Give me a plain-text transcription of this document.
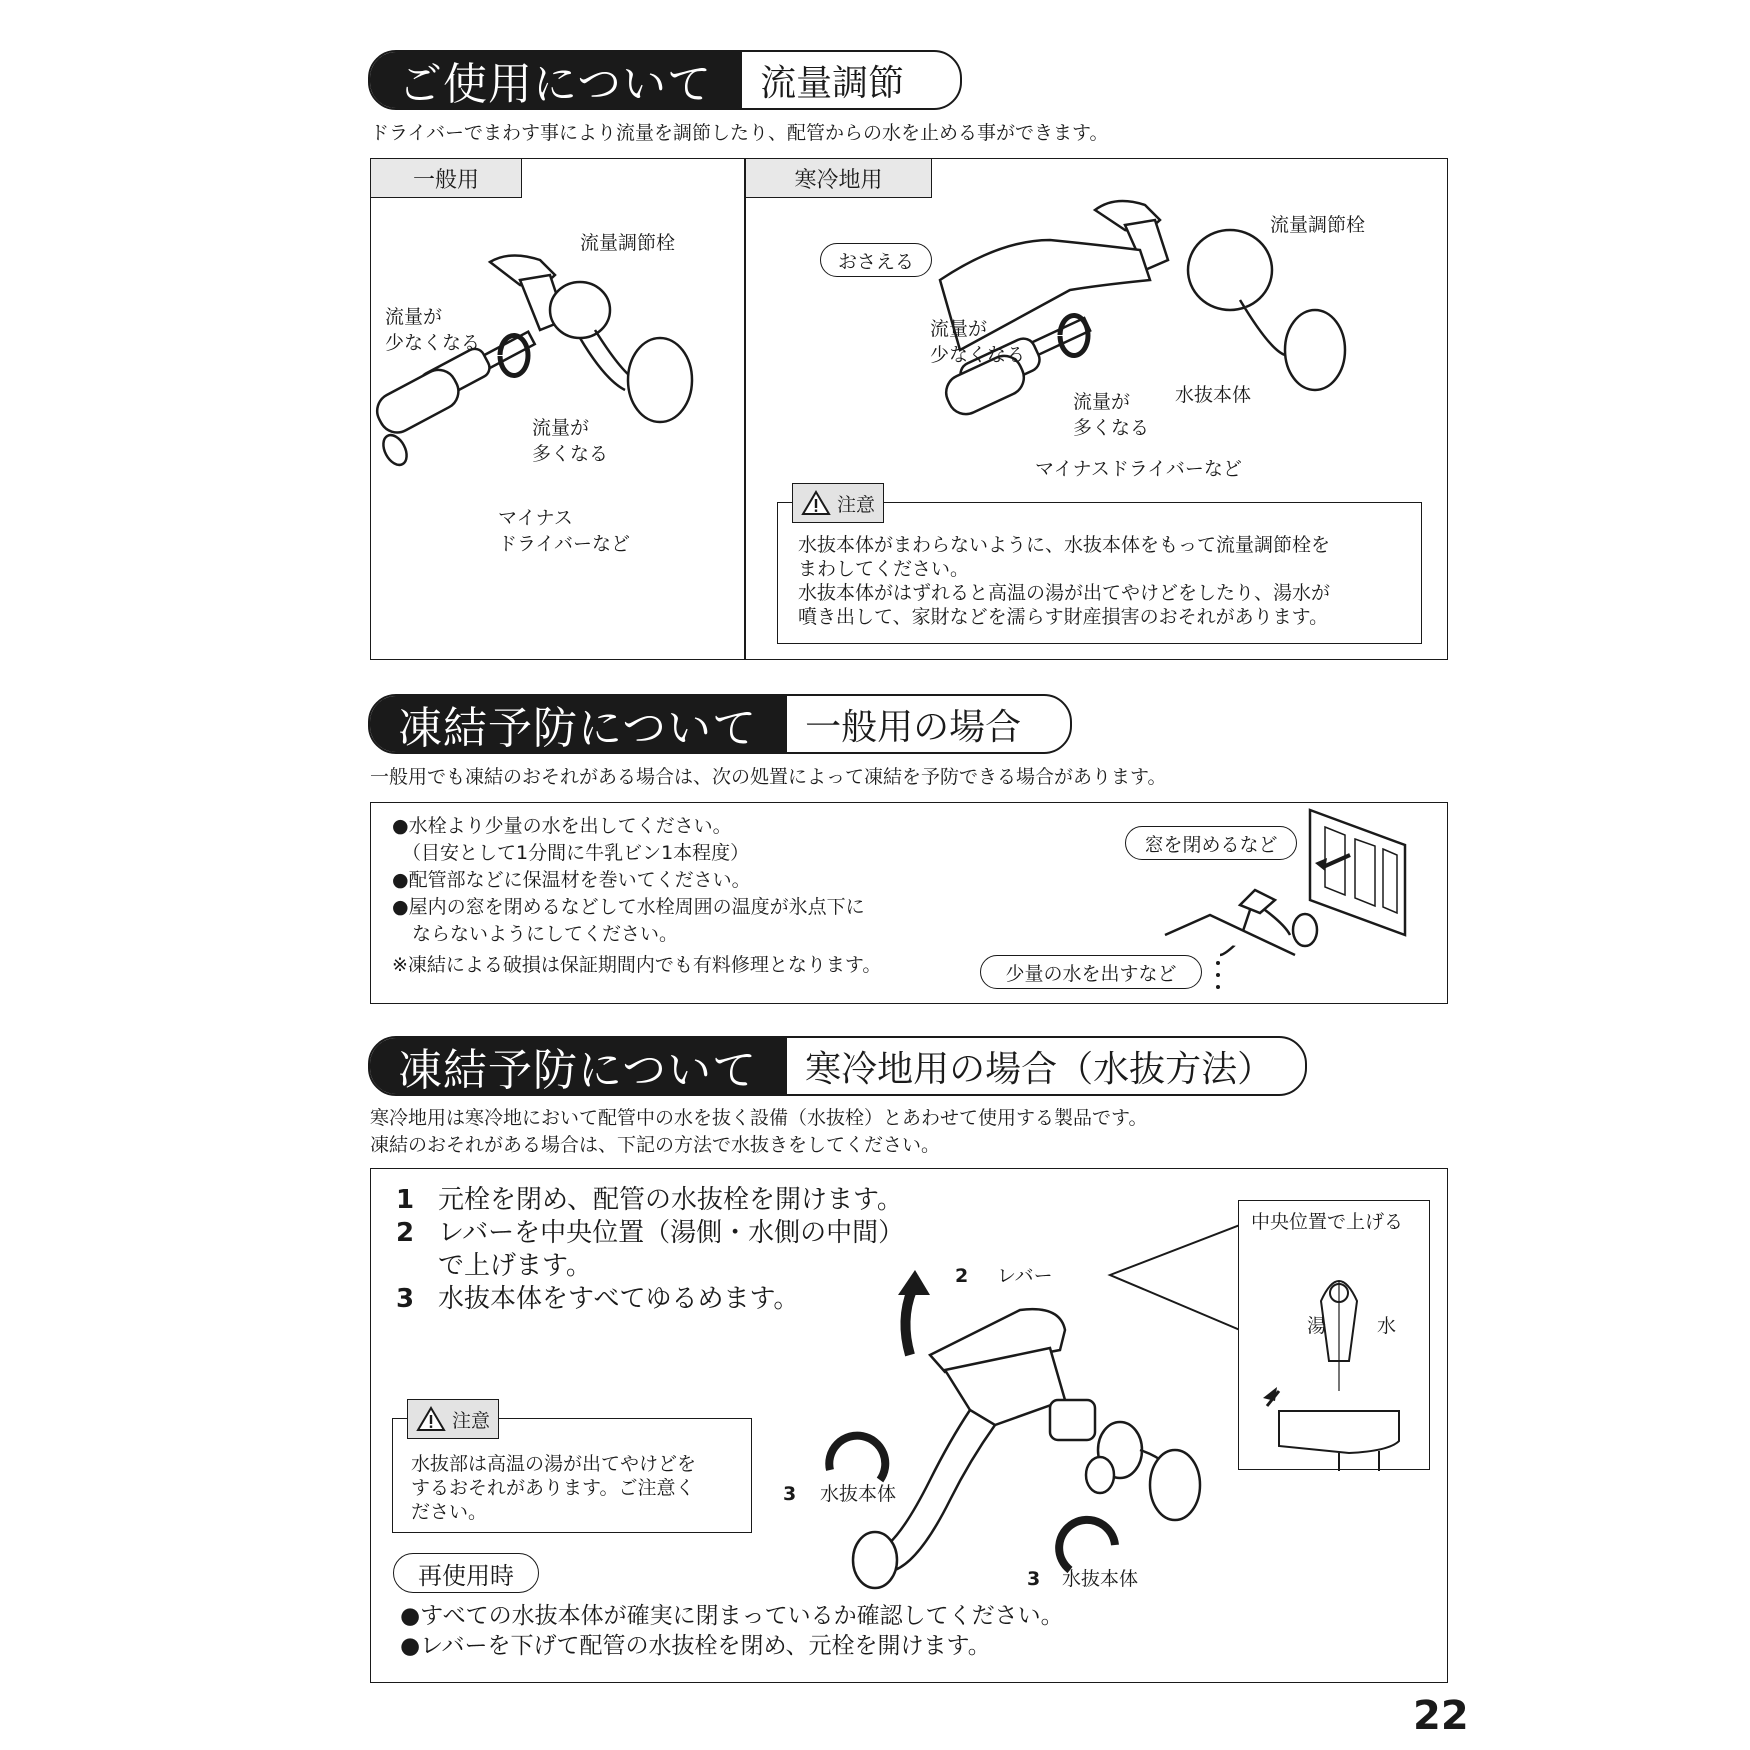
ご使用について	流量調節
ドライバーでまわす事により流量を調節したり、配管からの水を止める事ができます。
一般用	寒冷地用
流量調節栓
流量が
少なくなる
流量が
多くなる
マイナス
ドライバーなど
おさえる
流量調節栓
流量が
少なくなる
水抜本体
流量が
多くなる
マイナスドライバーなど
注意
水抜本体がまわらないように、水抜本体をもって流量調節栓を
まわしてください。
水抜本体がはずれると高温の湯が出てやけどをしたり、湯水が
噴き出して、家財などを濡らす財産損害のおそれがあります。
凍結予防について	一般用の場合
一般用でも凍結のおそれがある場合は、次の処置によって凍結を予防できる場合があります。
●水栓より少量の水を出してください。
（目安として1分間に牛乳ビン1本程度）
●配管部などに保温材を巻いてください。
●屋内の窓を閉めるなどして水栓周囲の温度が氷点下に
ならないようにしてください。
※凍結による破損は保証期間内でも有料修理となります。
窓を閉めるなど
少量の水を出すなど
凍結予防について	寒冷地用の場合（水抜方法）
寒冷地用は寒冷地において配管中の水を抜く設備（水抜栓）とあわせて使用する製品です。
凍結のおそれがある場合は、下記の方法で水抜きをしてください。
1 元栓を閉め、配管の水抜栓を開けます。
2 レバーを中央位置（湯側・水側の中間）
で上げます。
3 水抜本体をすべてゆるめます。
2 レバー
3 水抜本体
3 水抜本体
中央位置で上げる
湯	水
注意
水抜部は高温の湯が出てやけどを
するおそれがあります。ご注意く
ださい。
再使用時
●すべての水抜本体が確実に閉まっているか確認してください。
●レバーを下げて配管の水抜栓を閉め、元栓を開けます。
22
